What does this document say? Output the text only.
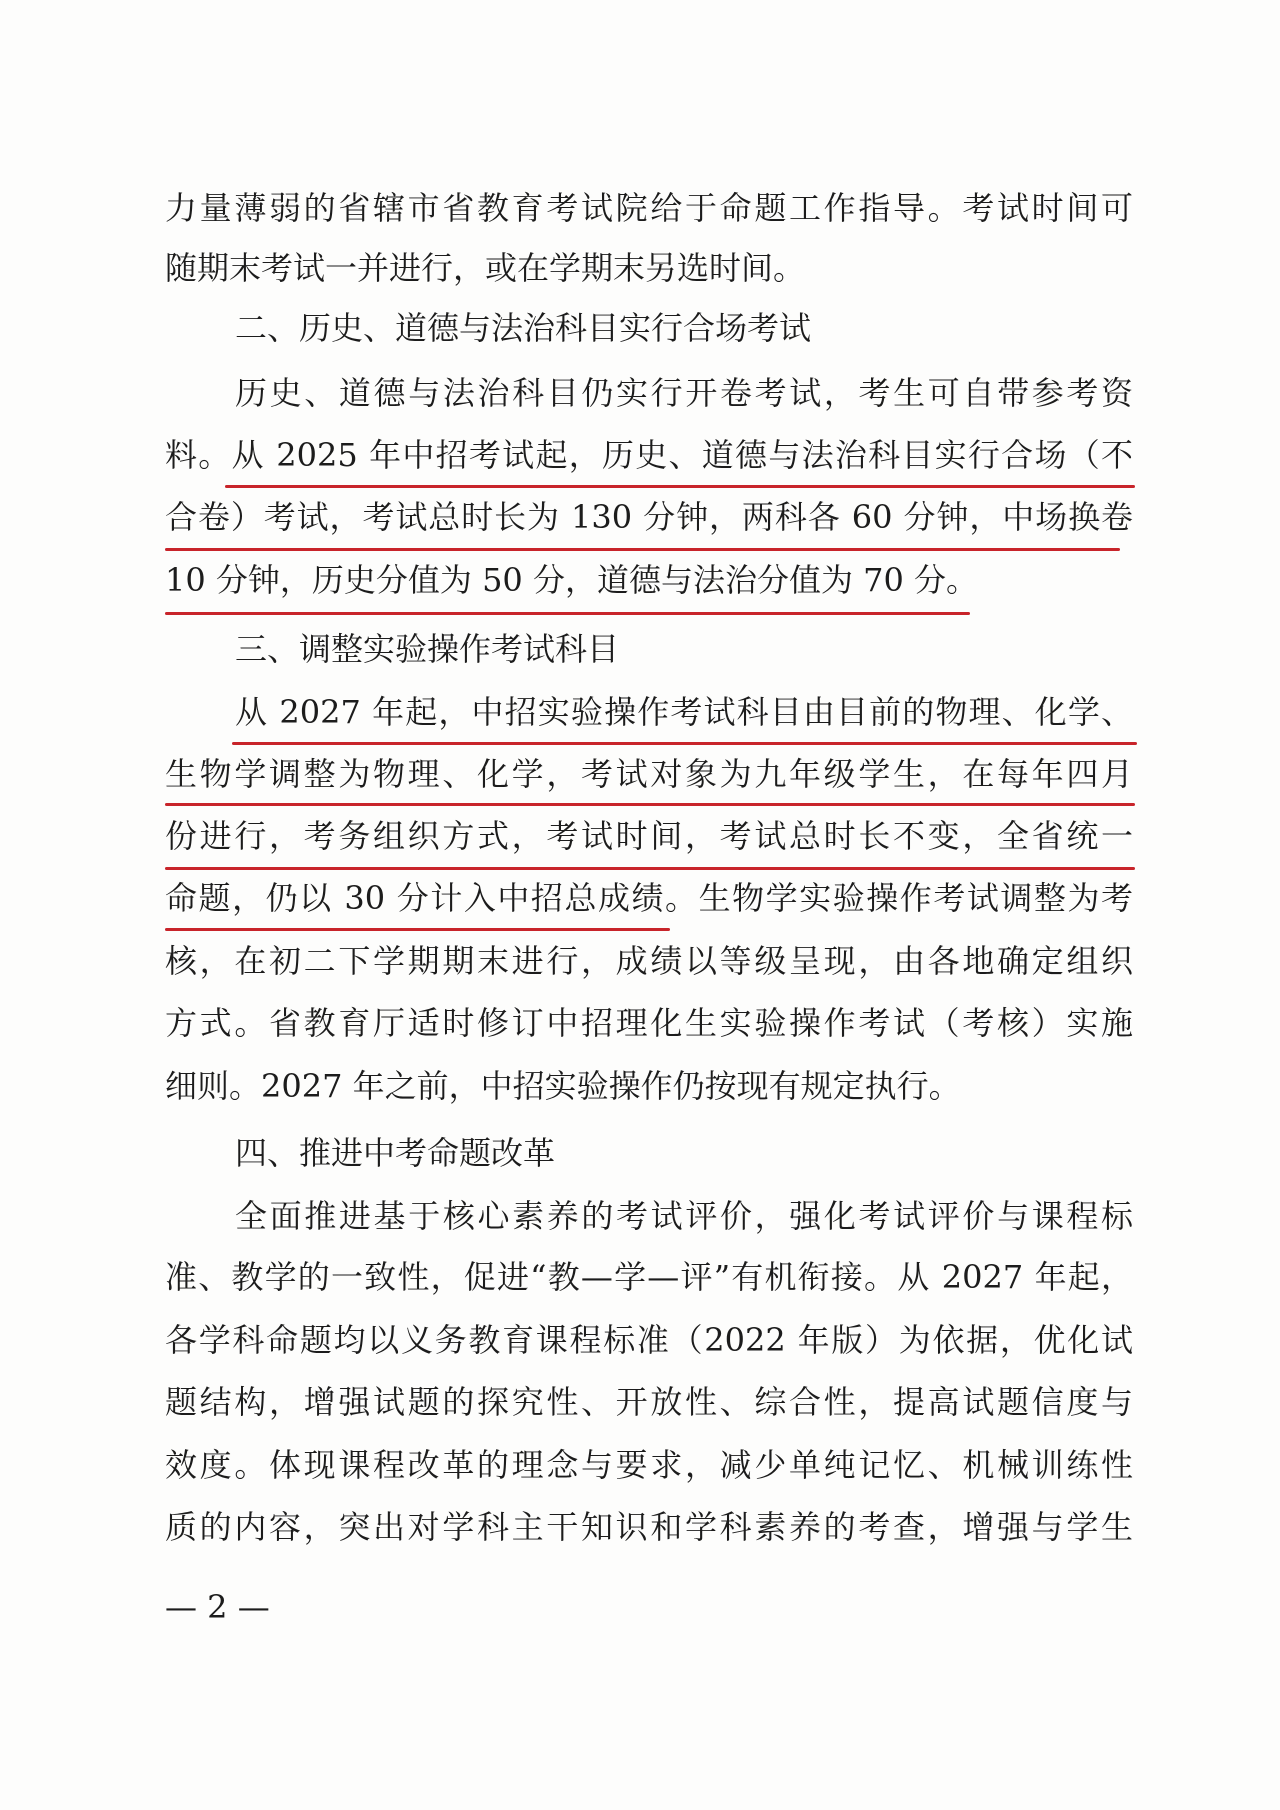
力量薄弱的省辖市省教育考试院给于命题工作指导。考试时间可
随期末考试一并进行，或在学期末另选时间。
二、历史、道德与法治科目实行合场考试
历史、道德与法治科目仍实行开卷考试，考生可自带参考资
料。从 2025 年中招考试起，历史、道德与法治科目实行合场（不
合卷）考试，考试总时长为 130 分钟，两科各 60 分钟，中场换卷
10 分钟，历史分值为 50 分，道德与法治分值为 70 分。
三、调整实验操作考试科目
从 2027 年起，中招实验操作考试科目由目前的物理、化学、
生物学调整为物理、化学，考试对象为九年级学生，在每年四月
份进行，考务组织方式，考试时间，考试总时长不变，全省统一
命题，仍以 30 分计入中招总成绩。生物学实验操作考试调整为考
核，在初二下学期期末进行，成绩以等级呈现，由各地确定组织
方式。省教育厅适时修订中招理化生实验操作考试（考核）实施
细则。2027 年之前，中招实验操作仍按现有规定执行。
四、推进中考命题改革
全面推进基于核心素养的考试评价，强化考试评价与课程标
准、教学的一致性，促进“教—学—评”有机衔接。从 2027 年起，
各学科命题均以义务教育课程标准（2022 年版）为依据，优化试
题结构，增强试题的探究性、开放性、综合性，提高试题信度与
效度。体现课程改革的理念与要求，减少单纯记忆、机械训练性
质的内容，突出对学科主干知识和学科素养的考查，增强与学生
— 2 —
